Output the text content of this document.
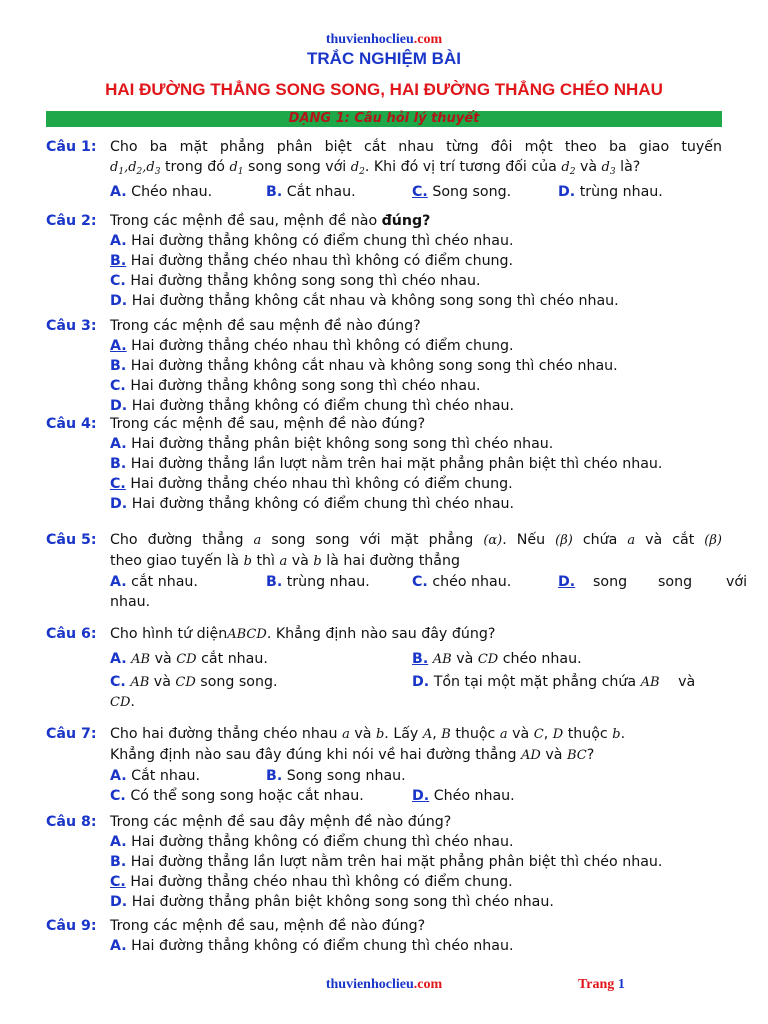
thuvienhoclieu.com
TRẮC NGHIỆM BÀI
HAI ĐƯỜNG THẲNG SONG SONG, HAI ĐƯỜNG THẲNG CHÉO NHAU
DẠNG 1: Câu hỏi lý thuyết
Câu 1: Cho ba mặt phẳng phân biệt cắt nhau từng đôi một theo ba giao tuyến
$d_1,d_2,d_3$ trong đó $d_1$ song song với $d_2$. Khi đó vị trí tương đối của $d_2$ và $d_3$ là?
A. Chéo nhau.	B. Cắt nhau.	C. Song song.	D. trùng nhau.
Câu 2: Trong các mệnh đề sau, mệnh đề nào đúng?
A. Hai đường thẳng không có điểm chung thì chéo nhau.
B. Hai đường thẳng chéo nhau thì không có điểm chung.
C. Hai đường thẳng không song song thì chéo nhau.
D. Hai đường thẳng không cắt nhau và không song song thì chéo nhau.
Câu 3: Trong các mệnh đề sau mệnh đề nào đúng?
A. Hai đường thẳng chéo nhau thì không có điểm chung.
B. Hai đường thẳng không cắt nhau và không song song thì chéo nhau.
C. Hai đường thẳng không song song thì chéo nhau.
D. Hai đường thẳng không có điểm chung thì chéo nhau.
Câu 4: Trong các mệnh đề sau, mệnh đề nào đúng?
A. Hai đường thẳng phân biệt không song song thì chéo nhau.
B. Hai đường thẳng lần lượt nằm trên hai mặt phẳng phân biệt thì chéo nhau.
C. Hai đường thẳng chéo nhau thì không có điểm chung.
D. Hai đường thẳng không có điểm chung thì chéo nhau.
Câu 5: Cho đường thẳng a song song với mặt phẳng (α). Nếu (β) chứa a và cắt (β)
theo giao tuyến là b thì a và b là hai đường thẳng
A. cắt nhau.	B. trùng nhau.	C. chéo nhau.	D. song song với
nhau.
Câu 6: Cho hình tứ diệnABCD. Khẳng định nào sau đây đúng?
A. AB và CD cắt nhau.	B. AB và CD chéo nhau.
C. AB và CD song song.	D. Tồn tại một mặt phẳng chứa AB và
CD.
Câu 7: Cho hai đường thẳng chéo nhau a và b. Lấy A, B thuộc a và C, D thuộc b.
Khẳng định nào sau đây đúng khi nói về hai đường thẳng AD và BC?
A. Cắt nhau.	B. Song song nhau.
C. Có thể song song hoặc cắt nhau.	D. Chéo nhau.
Câu 8: Trong các mệnh đề sau đây mệnh đề nào đúng?
A. Hai đường thẳng không có điểm chung thì chéo nhau.
B. Hai đường thẳng lần lượt nằm trên hai mặt phẳng phân biệt thì chéo nhau.
C. Hai đường thẳng chéo nhau thì không có điểm chung.
D. Hai đường thẳng phân biệt không song song thì chéo nhau.
Câu 9: Trong các mệnh đề sau, mệnh đề nào đúng?
A. Hai đường thẳng không có điểm chung thì chéo nhau.
thuvienhoclieu.com	Trang 1
